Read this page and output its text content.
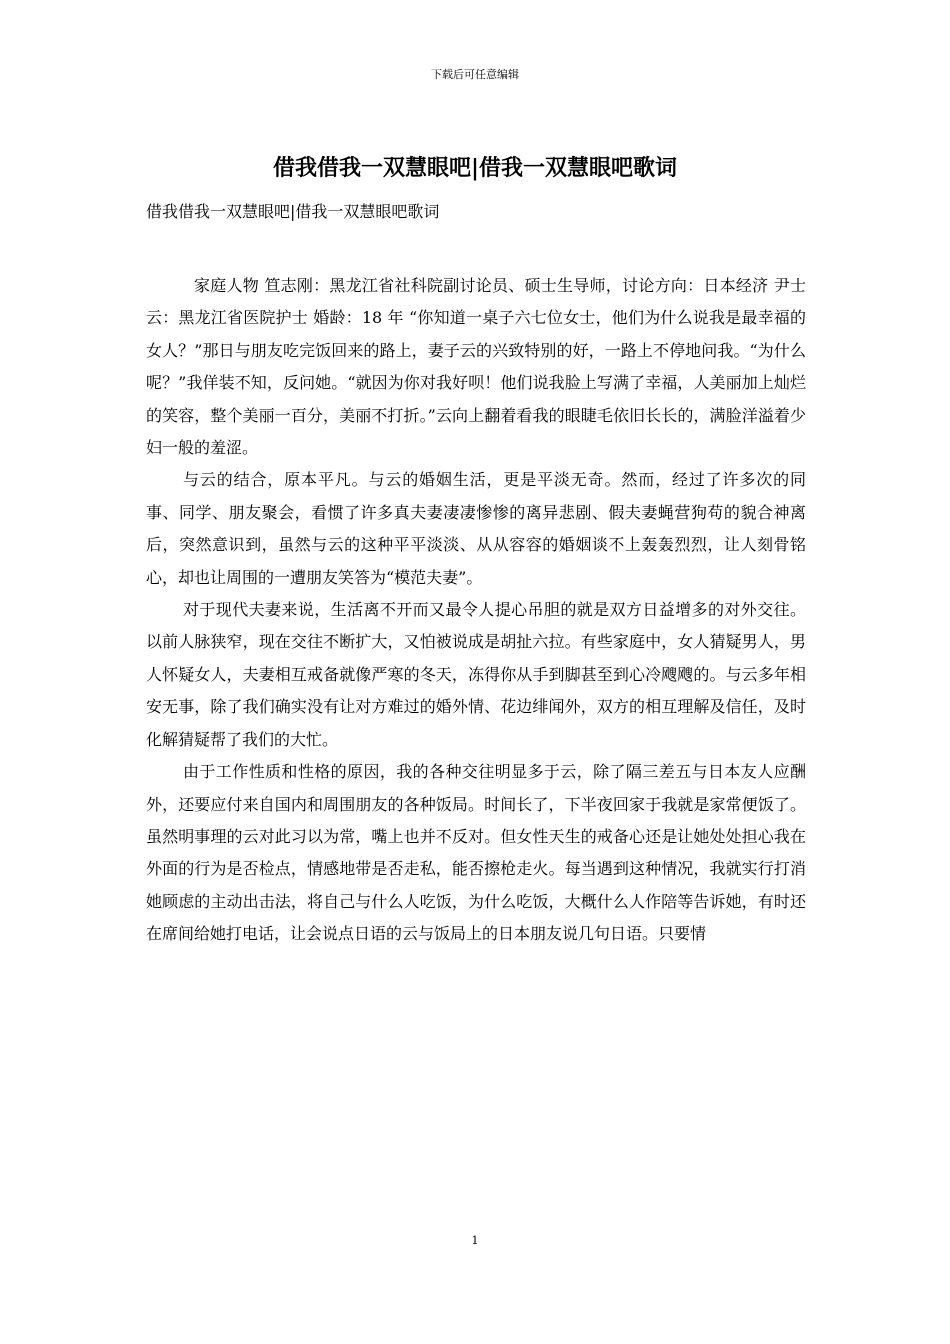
下载后可任意编辑
借我借我一双慧眼吧|借我一双慧眼吧歌词
借我借我一双慧眼吧|借我一双慧眼吧歌词

家庭人物 笪志刚：黑龙江省社科院副讨论员、硕士生导师，讨论方向：日本经济 尹士云：黑龙江省医院护士 婚龄：18 年 “你知道一桌子六七位女士，他们为什么说我是最幸福的女人？”那日与朋友吃完饭回来的路上，妻子云的兴致特别的好，一路上不停地问我。“为什么呢？”我佯装不知，反问她。“就因为你对我好呗！他们说我脸上写满了幸福，人美丽加上灿烂的笑容，整个美丽一百分，美丽不打折。”云向上翻着看我的眼睫毛依旧长长的，满脸洋溢着少妇一般的羞涩。

与云的结合，原本平凡。与云的婚姻生活，更是平淡无奇。然而，经过了许多次的同事、同学、朋友聚会，看惯了许多真夫妻凄凄惨惨的离异悲剧、假夫妻蝇营狗苟的貌合神离后，突然意识到，虽然与云的这种平平淡淡、从从容容的婚姻谈不上轰轰烈烈，让人刻骨铭心，却也让周围的一遭朋友笑答为“模范夫妻”。

对于现代夫妻来说，生活离不开而又最令人提心吊胆的就是双方日益增多的对外交往。以前人脉狭窄，现在交往不断扩大，又怕被说成是胡扯六拉。有些家庭中，女人猜疑男人，男人怀疑女人，夫妻相互戒备就像严寒的冬天，冻得你从手到脚甚至到心冷飕飕的。与云多年相安无事，除了我们确实没有让对方难过的婚外情、花边绯闻外，双方的相互理解及信任，及时化解猜疑帮了我们的大忙。

由于工作性质和性格的原因，我的各种交往明显多于云，除了隔三差五与日本友人应酬外，还要应付来自国内和周围朋友的各种饭局。时间长了，下半夜回家于我就是家常便饭了。虽然明事理的云对此习以为常，嘴上也并不反对。但女性天生的戒备心还是让她处处担心我在外面的行为是否检点，情感地带是否走私，能否擦枪走火。每当遇到这种情况，我就实行打消她顾虑的主动出击法，将自己与什么人吃饭，为什么吃饭，大概什么人作陪等告诉她，有时还在席间给她打电话，让会说点日语的云与饭局上的日本朋友说几句日语。只要情

1
